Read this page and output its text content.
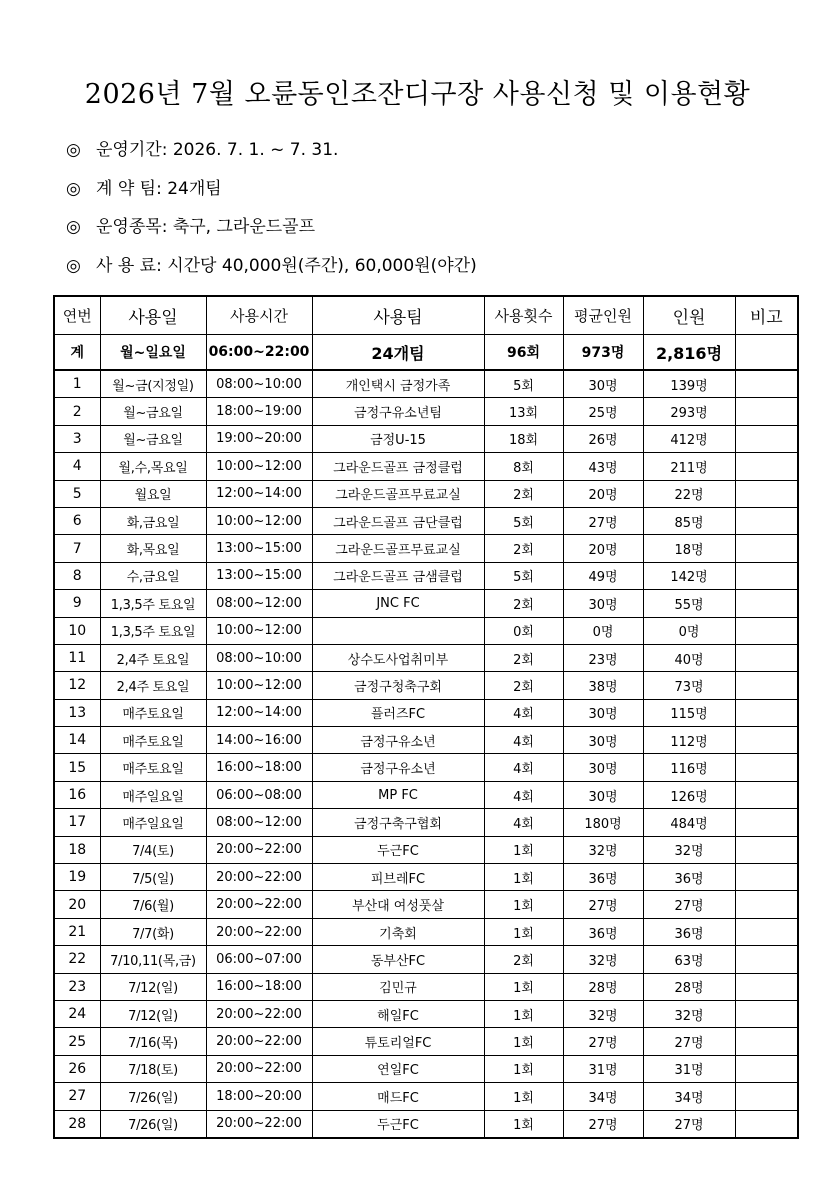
2026년 7월 오륜동인조잔디구장 사용신청 및 이용현황
◎ 운영기간: 2026. 7. 1. ~ 7. 31.
◎ 계 약 팀: 24개팀
◎ 운영종목: 축구, 그라운드골프
◎ 사 용 료: 시간당 40,000원(주간), 60,000원(야간)
연번	사용일	사용시간	사용팀	사용횟수	평균인원	인원	비고
계	월~일요일	06:00~22:00	24개팀	96회	973명	2,816명	
1	월~금(지정일)	08:00~10:00	개인택시 금정가족	5회	30명	139명	
2	월~금요일	18:00~19:00	금정구유소년팀	13회	25명	293명	
3	월~금요일	19:00~20:00	금정U-15	18회	26명	412명	
4	월,수,목요일	10:00~12:00	그라운드골프 금정클럽	8회	43명	211명	
5	월요일	12:00~14:00	그라운드골프무료교실	2회	20명	22명	
6	화,금요일	10:00~12:00	그라운드골프 금단클럽	5회	27명	85명	
7	화,목요일	13:00~15:00	그라운드골프무료교실	2회	20명	18명	
8	수,금요일	13:00~15:00	그라운드골프 금샘클럽	5회	49명	142명	
9	1,3,5주 토요일	08:00~12:00	JNC FC	2회	30명	55명	
10	1,3,5주 토요일	10:00~12:00		0회	0명	0명	
11	2,4주 토요일	08:00~10:00	상수도사업취미부	2회	23명	40명	
12	2,4주 토요일	10:00~12:00	금정구청축구회	2회	38명	73명	
13	매주토요일	12:00~14:00	플러즈FC	4회	30명	115명	
14	매주토요일	14:00~16:00	금정구유소년	4회	30명	112명	
15	매주토요일	16:00~18:00	금정구유소년	4회	30명	116명	
16	매주일요일	06:00~08:00	MP FC	4회	30명	126명	
17	매주일요일	08:00~12:00	금정구축구협회	4회	180명	484명	
18	7/4(토)	20:00~22:00	두근FC	1회	32명	32명	
19	7/5(일)	20:00~22:00	피브레FC	1회	36명	36명	
20	7/6(월)	20:00~22:00	부산대 여성풋살	1회	27명	27명	
21	7/7(화)	20:00~22:00	기축회	1회	36명	36명	
22	7/10,11(목,금)	06:00~07:00	동부산FC	2회	32명	63명	
23	7/12(일)	16:00~18:00	김민규	1회	28명	28명	
24	7/12(일)	20:00~22:00	해일FC	1회	32명	32명	
25	7/16(목)	20:00~22:00	튜토리얼FC	1회	27명	27명	
26	7/18(토)	20:00~22:00	연일FC	1회	31명	31명	
27	7/26(일)	18:00~20:00	매드FC	1회	34명	34명	
28	7/26(일)	20:00~22:00	두근FC	1회	27명	27명	
